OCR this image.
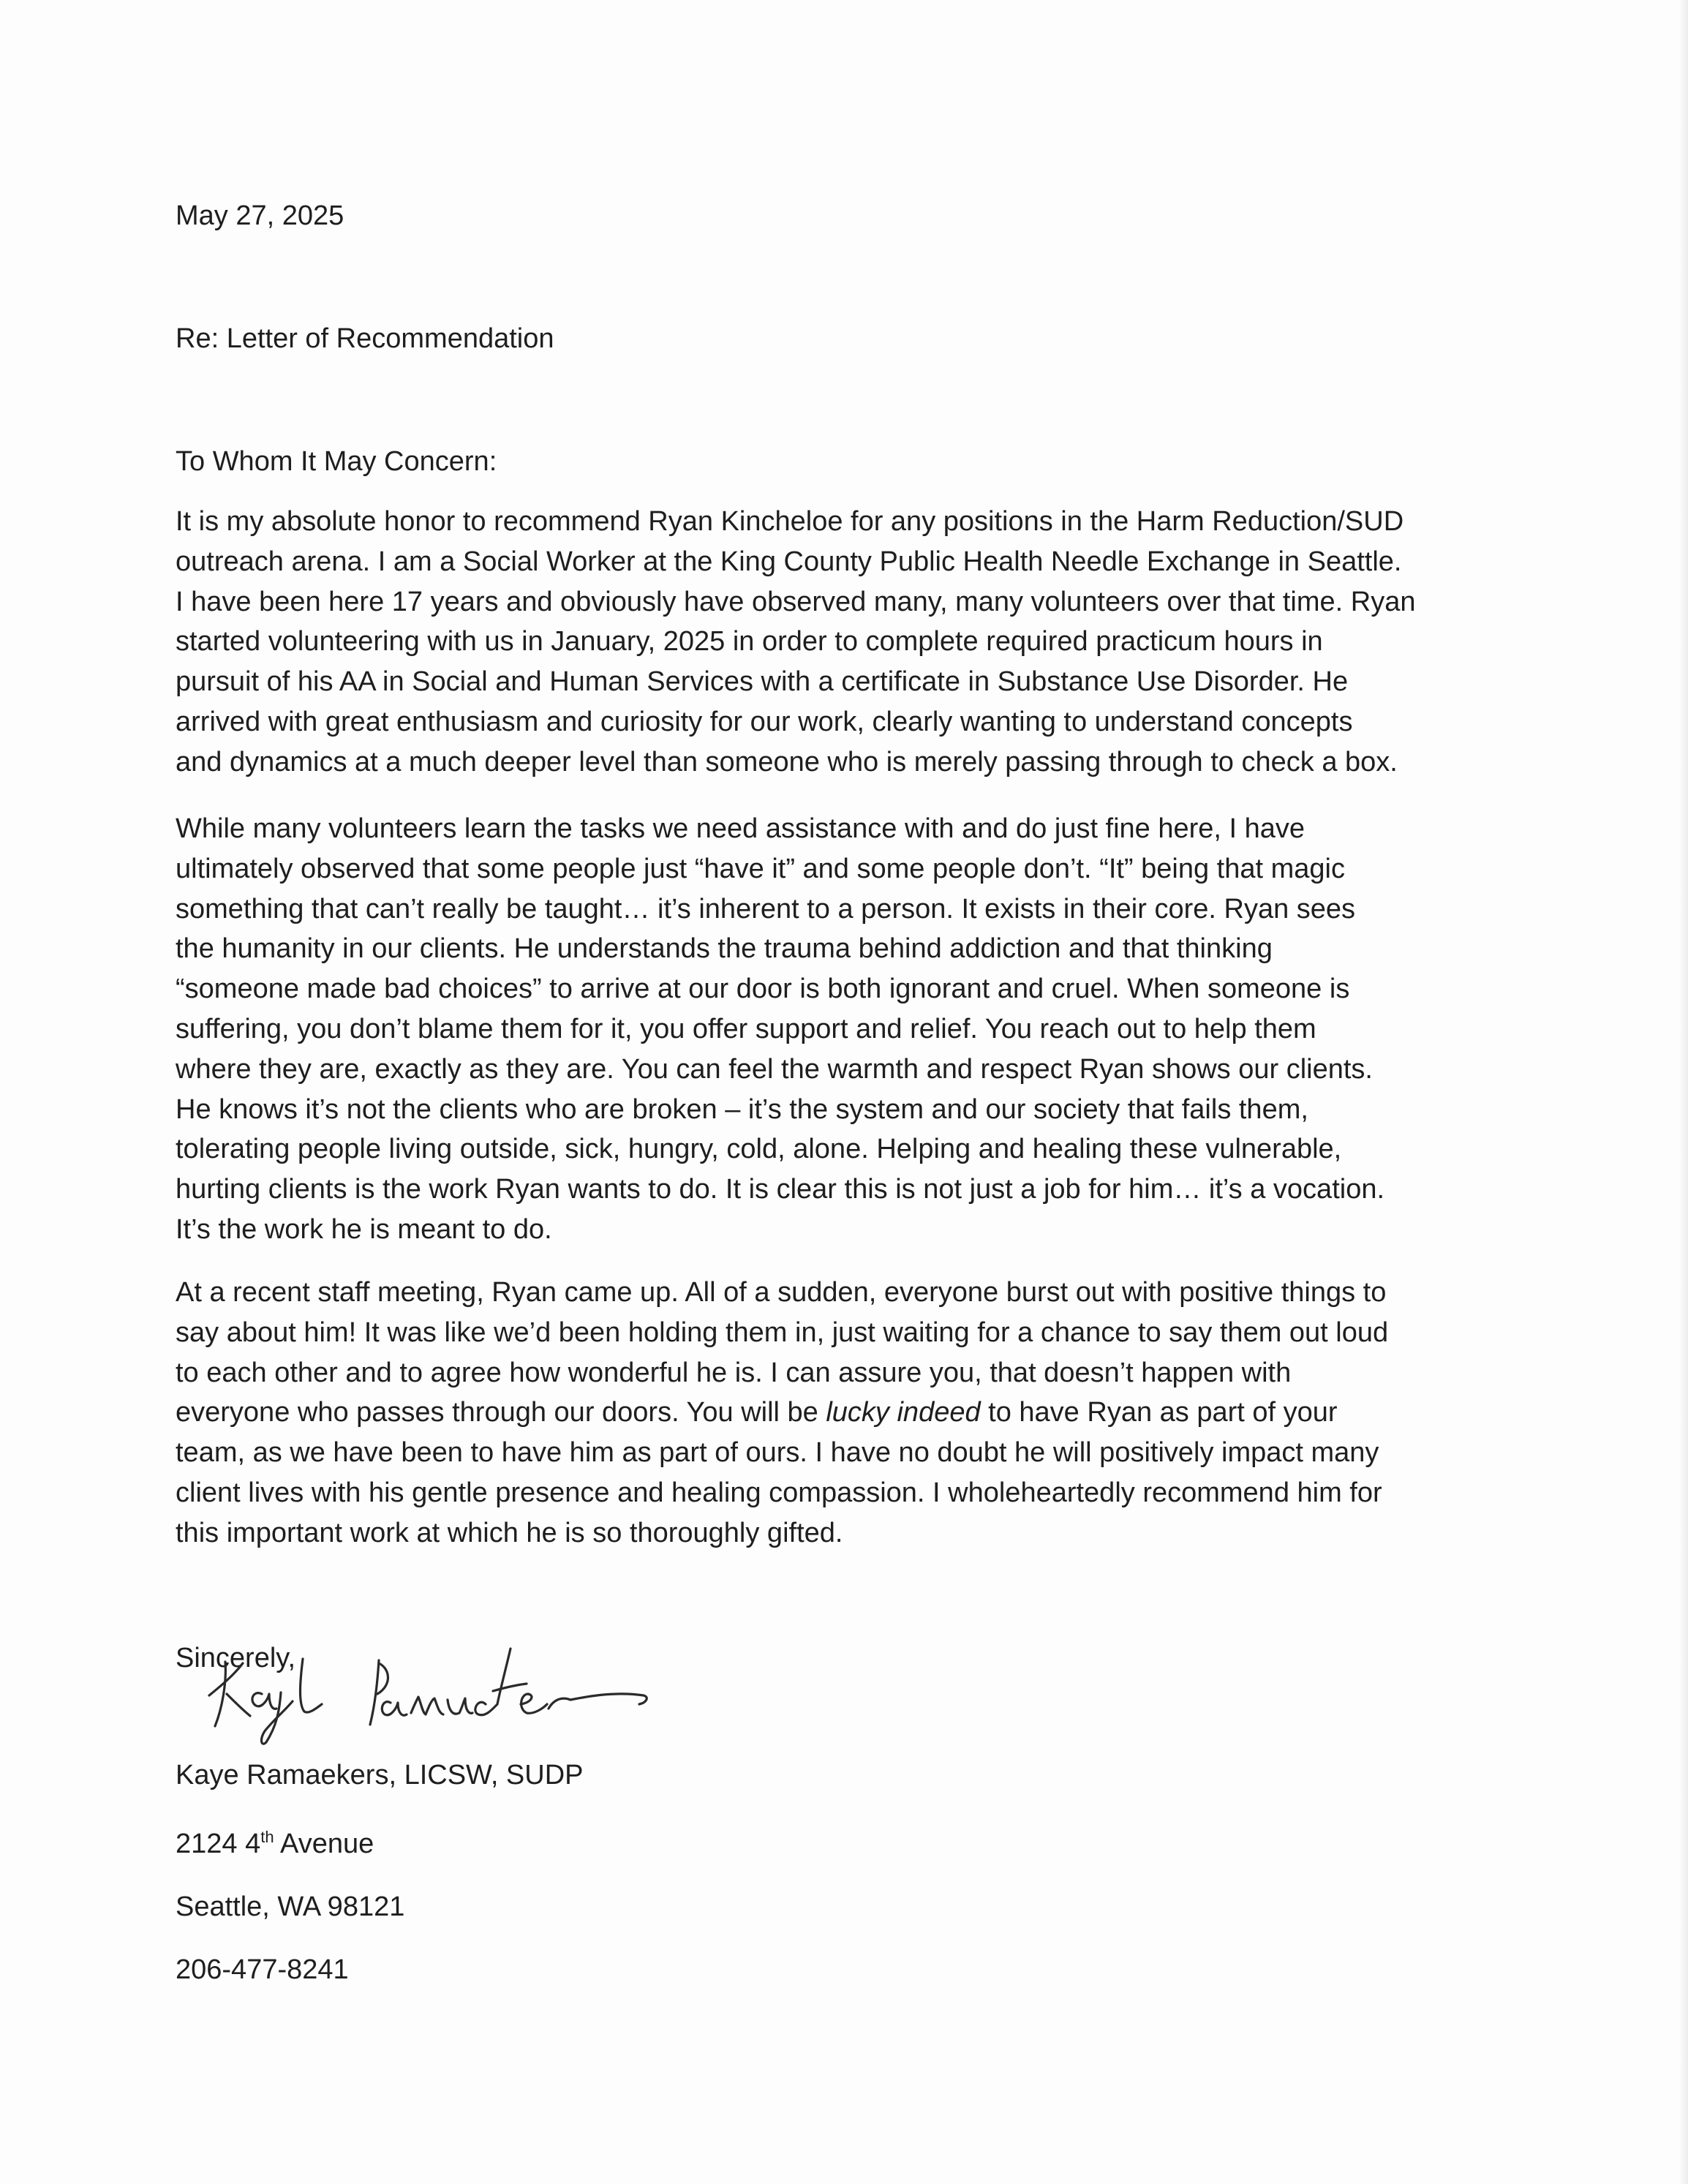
May 27, 2025
Re: Letter of Recommendation
To Whom It May Concern:

It is my absolute honor to recommend Ryan Kincheloe for any positions in the Harm Reduction/SUD
outreach arena. I am a Social Worker at the King County Public Health Needle Exchange in Seattle.
I have been here 17 years and obviously have observed many, many volunteers over that time. Ryan
started volunteering with us in January, 2025 in order to complete required practicum hours in
pursuit of his AA in Social and Human Services with a certificate in Substance Use Disorder. He
arrived with great enthusiasm and curiosity for our work, clearly wanting to understand concepts
and dynamics at a much deeper level than someone who is merely passing through to check a box.

While many volunteers learn the tasks we need assistance with and do just fine here, I have
ultimately observed that some people just “have it” and some people don’t. “It” being that magic
something that can’t really be taught… it’s inherent to a person. It exists in their core. Ryan sees
the humanity in our clients. He understands the trauma behind addiction and that thinking
“someone made bad choices” to arrive at our door is both ignorant and cruel. When someone is
suffering, you don’t blame them for it, you offer support and relief. You reach out to help them
where they are, exactly as they are. You can feel the warmth and respect Ryan shows our clients.
He knows it’s not the clients who are broken – it’s the system and our society that fails them,
tolerating people living outside, sick, hungry, cold, alone. Helping and healing these vulnerable,
hurting clients is the work Ryan wants to do. It is clear this is not just a job for him… it’s a vocation.
It’s the work he is meant to do.

At a recent staff meeting, Ryan came up. All of a sudden, everyone burst out with positive things to
say about him! It was like we’d been holding them in, just waiting for a chance to say them out loud
to each other and to agree how wonderful he is. I can assure you, that doesn’t happen with
everyone who passes through our doors. You will be lucky indeed to have Ryan as part of your
team, as we have been to have him as part of ours. I have no doubt he will positively impact many
client lives with his gentle presence and healing compassion. I wholeheartedly recommend him for
this important work at which he is so thoroughly gifted.

Sincerely,
Kaye Ramaekers, LICSW, SUDP
2124 4th Avenue
Seattle, WA 98121
206-477-8241
